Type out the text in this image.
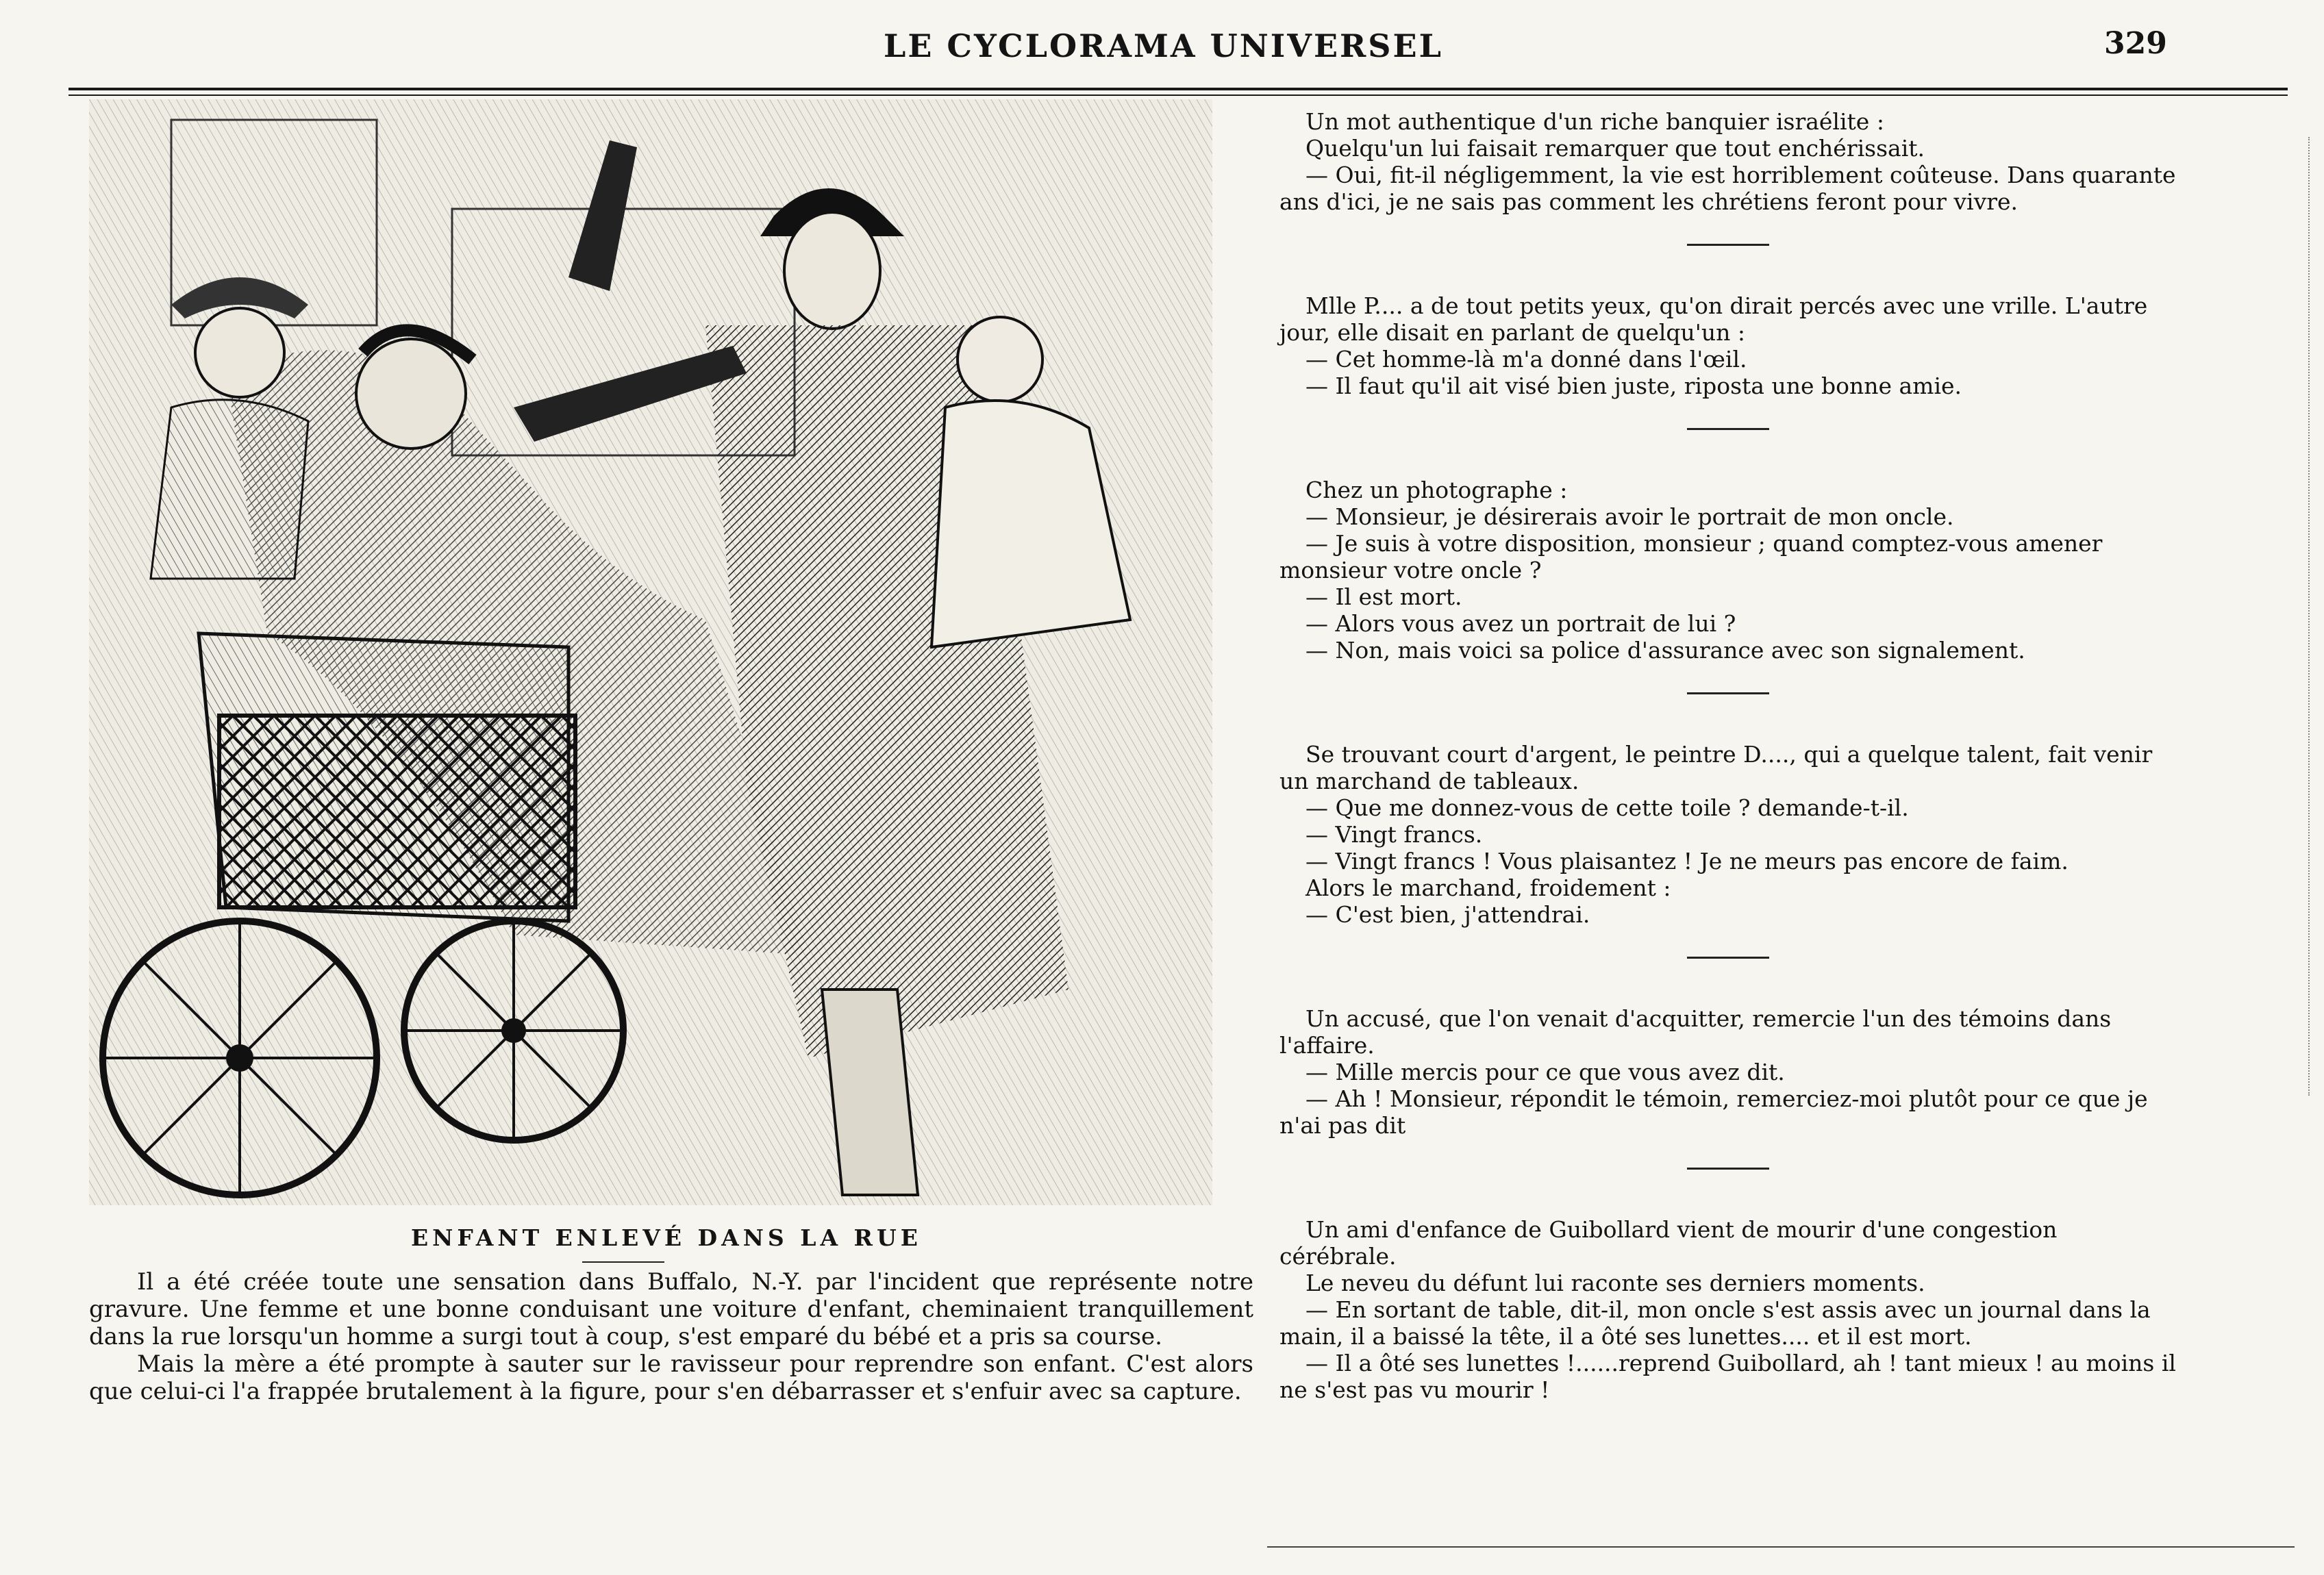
LE CYCLORAMA UNIVERSEL	329
ENFANT ENLEVÉ DANS LA RUE

Il a été créée toute une sensation dans Buffalo, N.-Y. par l'incident que représente notre gravure. Une femme et une bonne conduisant une voiture d'enfant, cheminaient tranquillement dans la rue lorsqu'un homme a surgi tout à coup, s'est emparé du bébé et a pris sa course.

Mais la mère a été prompte à sauter sur le ravisseur pour reprendre son enfant. C'est alors que celui-ci l'a frappée brutalement à la figure, pour s'en débarrasser et s'enfuir avec sa capture.

Un mot authentique d'un riche banquier israélite :

Quelqu'un lui faisait remarquer que tout enchérissait.

— Oui, fit-il négligemment, la vie est horriblement coûteuse. Dans quarante ans d'ici, je ne sais pas comment les chrétiens feront pour vivre.

Mlle P.... a de tout petits yeux, qu'on dirait percés avec une vrille. L'autre jour, elle disait en parlant de quelqu'un :

— Cet homme-là m'a donné dans l'œil.

— Il faut qu'il ait visé bien juste, riposta une bonne amie.

Chez un photographe :

— Monsieur, je désirerais avoir le portrait de mon oncle.

— Je suis à votre disposition, monsieur ; quand comptez-vous amener monsieur votre oncle ?

— Il est mort.

— Alors vous avez un portrait de lui ?

— Non, mais voici sa police d'assurance avec son signalement.

Se trouvant court d'argent, le peintre D...., qui a quelque talent, fait venir un marchand de tableaux.

— Que me donnez-vous de cette toile ? demande-t-il.

— Vingt francs.

— Vingt francs ! Vous plaisantez ! Je ne meurs pas encore de faim.

Alors le marchand, froidement :

— C'est bien, j'attendrai.

Un accusé, que l'on venait d'acquitter, remercie l'un des témoins dans l'affaire.

— Mille mercis pour ce que vous avez dit.

— Ah ! Monsieur, répondit le témoin, remerciez-moi plutôt pour ce que je n'ai pas dit

Un ami d'enfance de Guibollard vient de mourir d'une congestion cérébrale.

Le neveu du défunt lui raconte ses derniers moments.

— En sortant de table, dit-il, mon oncle s'est assis avec un journal dans la main, il a baissé la tête, il a ôté ses lunettes.... et il est mort.

— Il a ôté ses lunettes !......reprend Guibollard, ah ! tant mieux ! au moins il ne s'est pas vu mourir !
